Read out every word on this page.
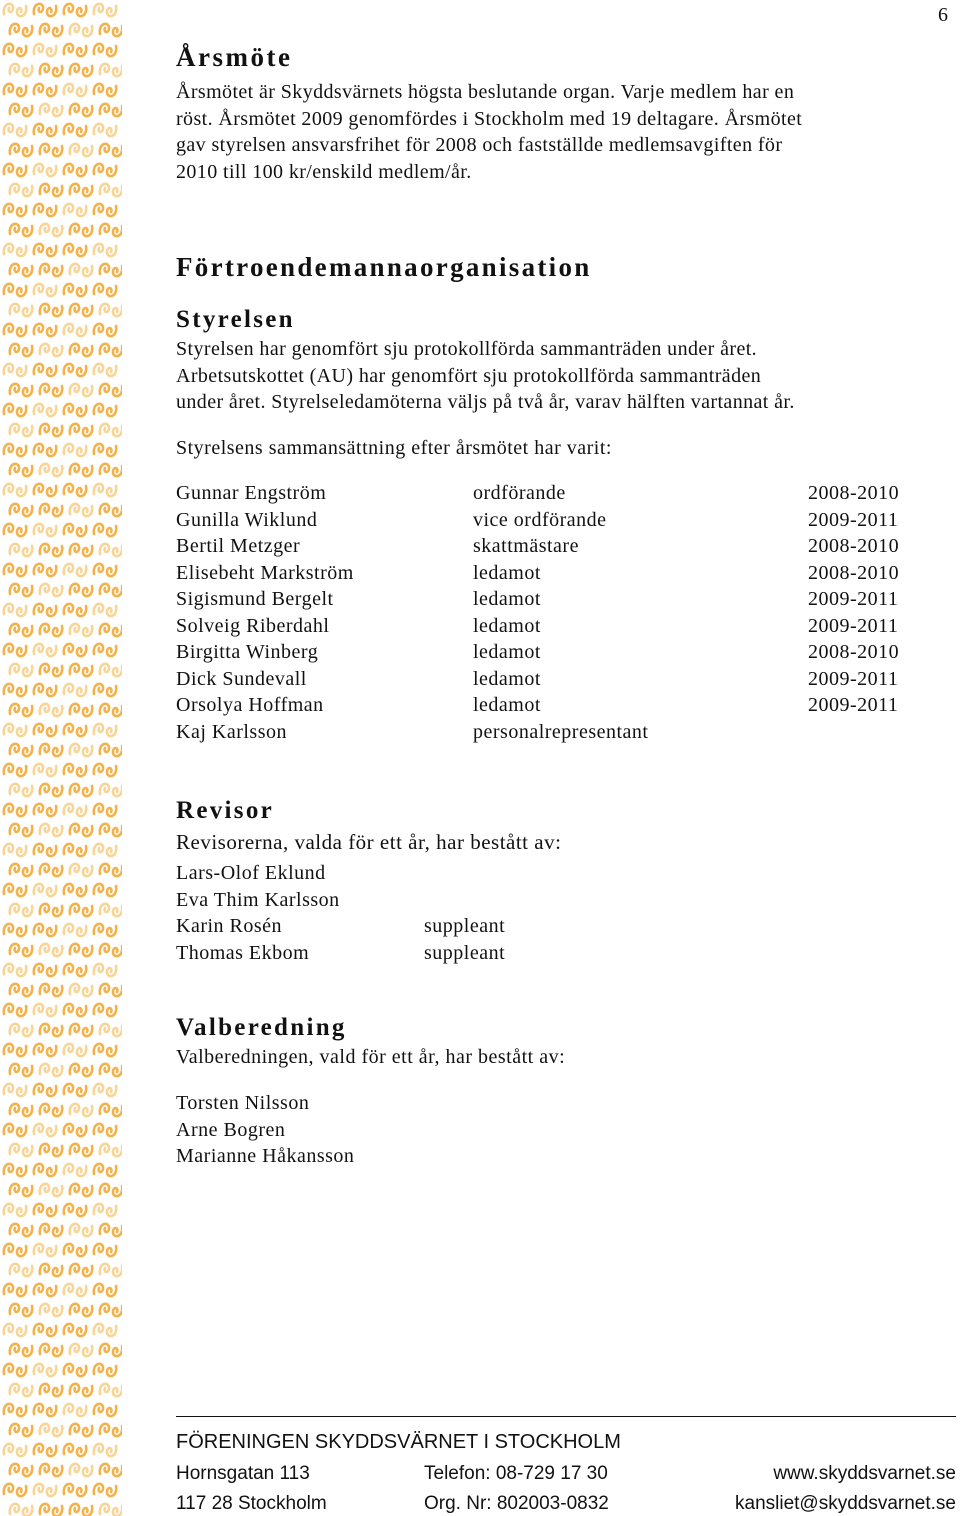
6
Årsmöte
Årsmötet är Skyddsvärnets högsta beslutande organ. Varje medlem har en
röst. Årsmötet 2009 genomfördes i Stockholm med 19 deltagare. Årsmötet
gav styrelsen ansvarsfrihet för 2008 och fastställde medlemsavgiften för
2010 till 100 kr/enskild medlem/år.
Förtroendemannaorganisation
Styrelsen
Styrelsen har genomfört sju protokollförda sammanträden under året.
Arbetsutskottet (AU) har genomfört sju protokollförda sammanträden
under året. Styrelseledamöterna väljs på två år, varav hälften vartannat år.
Styrelsens sammansättning efter årsmötet har varit:
Gunnar Engström	ordförande	2008-2010
Gunilla Wiklund	vice ordförande	2009-2011
Bertil Metzger	skattmästare	2008-2010
Elisebeht Markström	ledamot	2008-2010
Sigismund Bergelt	ledamot	2009-2011
Solveig Riberdahl	ledamot	2009-2011
Birgitta Winberg	ledamot	2008-2010
Dick Sundevall	ledamot	2009-2011
Orsolya Hoffman	ledamot	2009-2011
Kaj Karlsson	personalrepresentant
Revisor
Revisorerna, valda för ett år, har bestått av:
Lars-Olof Eklund
Eva Thim Karlsson
Karin Rosén	suppleant
Thomas Ekbom	suppleant
Valberedning
Valberedningen, vald för ett år, har bestått av:
Torsten Nilsson
Arne Bogren
Marianne Håkansson
FÖRENINGEN SKYDDSVÄRNET I STOCKHOLM
Hornsgatan 113	Telefon: 08-729 17 30	www.skyddsvarnet.se
117 28 Stockholm	Org. Nr: 802003-0832	kansliet@skyddsvarnet.se
